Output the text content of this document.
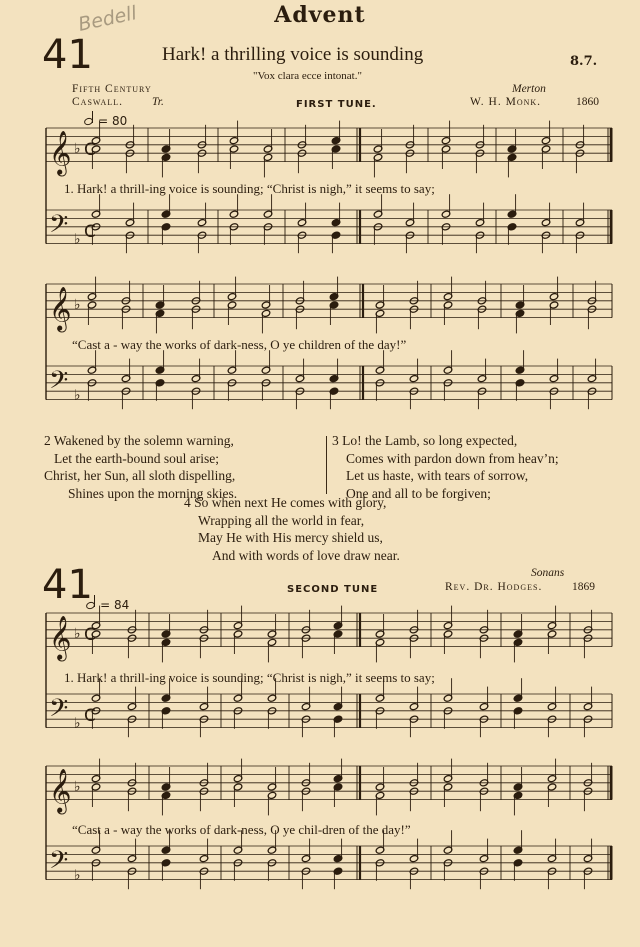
Advent
Bedell
41	Hark! a thrilling voice is sounding	8.7.
"Vox clara ecce intonat."
Fifth Century	Merton
Caswall.	Tr.	FIRST TUNE.	W. H. Monk.	1860
= 80
𝄞
𝄢
♭
♭
C
C
𝄞
𝄢
♭
♭
𝄞
𝄢
♭
♭
C
C
𝄞
𝄢
♭
♭
1. Hark! a thrill-ing voice is sounding; “Christ is nigh,” it seems to say;
“Cast a - way the works of dark-ness, O ye children of the day!”
2 Wakened by the solemn warning,
Let the earth-bound soul arise;
Christ, her Sun, all sloth dispelling,
Shines upon the morning skies.
3 Lo! the Lamb, so long expected,
Comes with pardon down from heav’n;
Let us haste, with tears of sorrow,
One and all to be forgiven;
4 So when next He comes with glory,
Wrapping all the world in fear,
May He with His mercy shield us,
And with words of love draw near.
41	Sonans
SECOND TUNE	Rev. Dr. Hodges.	1869
= 84
1. Hark! a thrill-ing voice is sounding; “Christ is nigh,” it seems to say;
“Cast a - way the works of dark-ness, O ye chil-dren of the day!”
